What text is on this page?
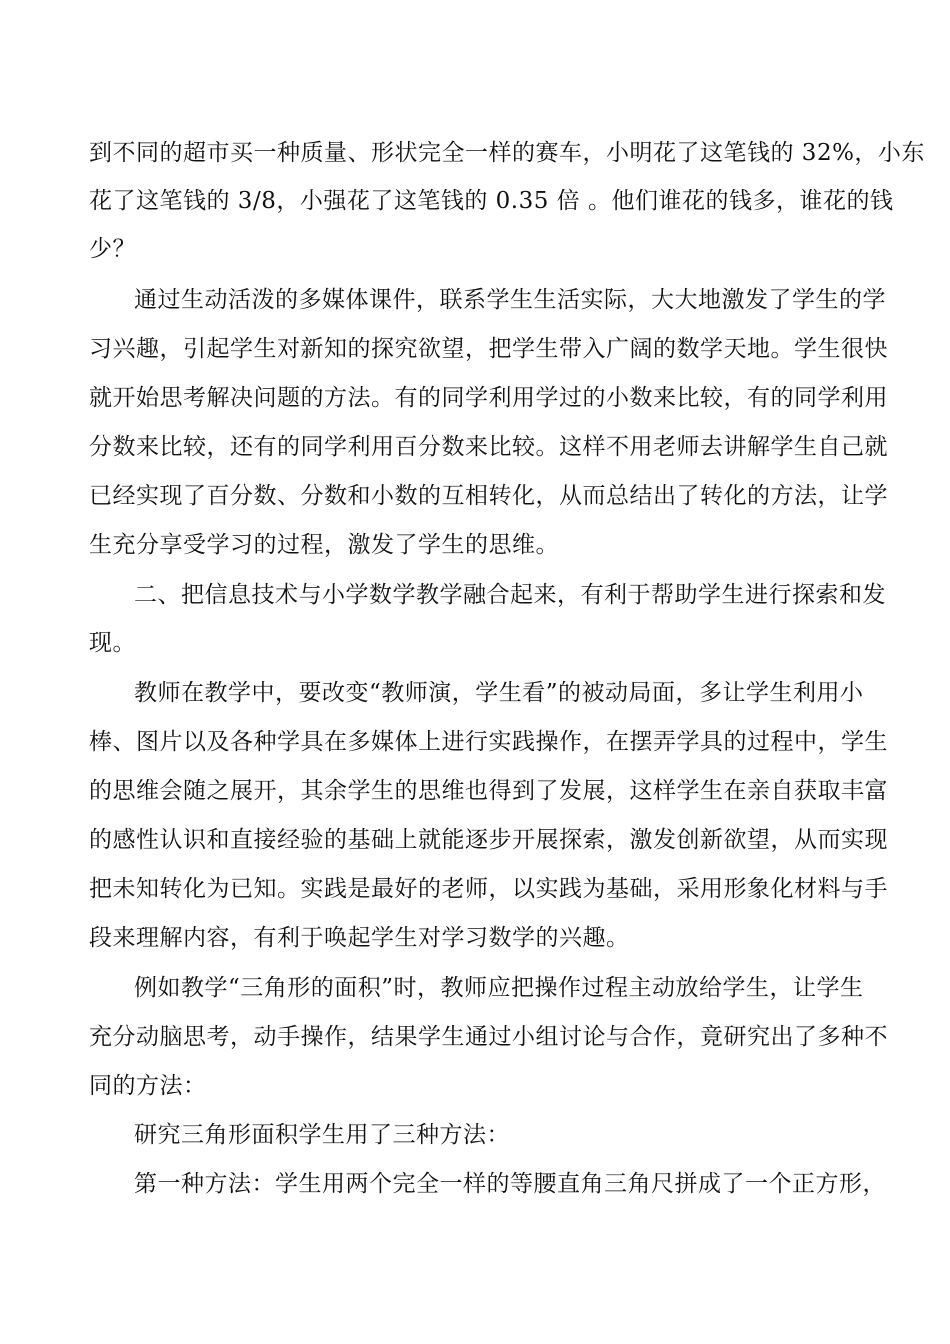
到不同的超市买一种质量、形状完全一样的赛车，小明花了这笔钱的 32%，小东
花了这笔钱的 3/8，小强花了这笔钱的 0.35 倍 。他们谁花的钱多，谁花的钱
少？
通过生动活泼的多媒体课件，联系学生生活实际，大大地激发了学生的学
习兴趣，引起学生对新知的探究欲望，把学生带入广阔的数学天地。学生很快
就开始思考解决问题的方法。有的同学利用学过的小数来比较，有的同学利用
分数来比较，还有的同学利用百分数来比较。这样不用老师去讲解学生自己就
已经实现了百分数、分数和小数的互相转化，从而总结出了转化的方法，让学
生充分享受学习的过程，激发了学生的思维。
二、把信息技术与小学数学教学融合起来，有利于帮助学生进行探索和发
现。
教师在教学中，要改变“教师演，学生看”的被动局面，多让学生利用小
棒、图片以及各种学具在多媒体上进行实践操作，在摆弄学具的过程中，学生
的思维会随之展开，其余学生的思维也得到了发展，这样学生在亲自获取丰富
的感性认识和直接经验的基础上就能逐步开展探索，激发创新欲望，从而实现
把未知转化为已知。实践是最好的老师，以实践为基础，采用形象化材料与手
段来理解内容，有利于唤起学生对学习数学的兴趣。
例如教学“三角形的面积”时，教师应把操作过程主动放给学生，让学生
充分动脑思考，动手操作，结果学生通过小组讨论与合作，竟研究出了多种不
同的方法：
研究三角形面积学生用了三种方法：
第一种方法：学生用两个完全一样的等腰直角三角尺拼成了一个正方形，
